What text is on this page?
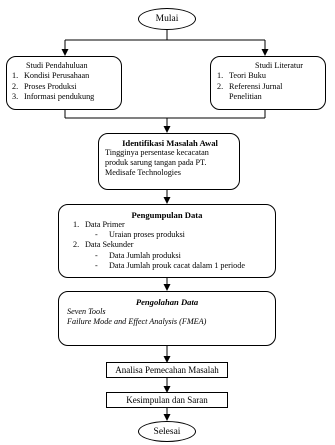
Mulai
Studi Pendahuluan
1. Kondisi Perusahaan
2. Proses Produksi
3. Informasi pendukung
Studi Literatur
1. Teori Buku
2. Referensi Jurnal
Penelitian
Identifikasi Masalah Awal
Tingginya persentase kecacatan
produk sarung tangan pada PT.
Medisafe Technologies
Pengumpulan Data
1. Data Primer
- Uraian proses produksi
2. Data Sekunder
- Data Jumlah produksi
- Data Jumlah prouk cacat dalam 1 periode
Pengolahan Data
Seven Tools
Failure Mode and Effect Analysis (FMEA)
Analisa Pemecahan Masalah
Kesimpulan dan Saran
Selesai
